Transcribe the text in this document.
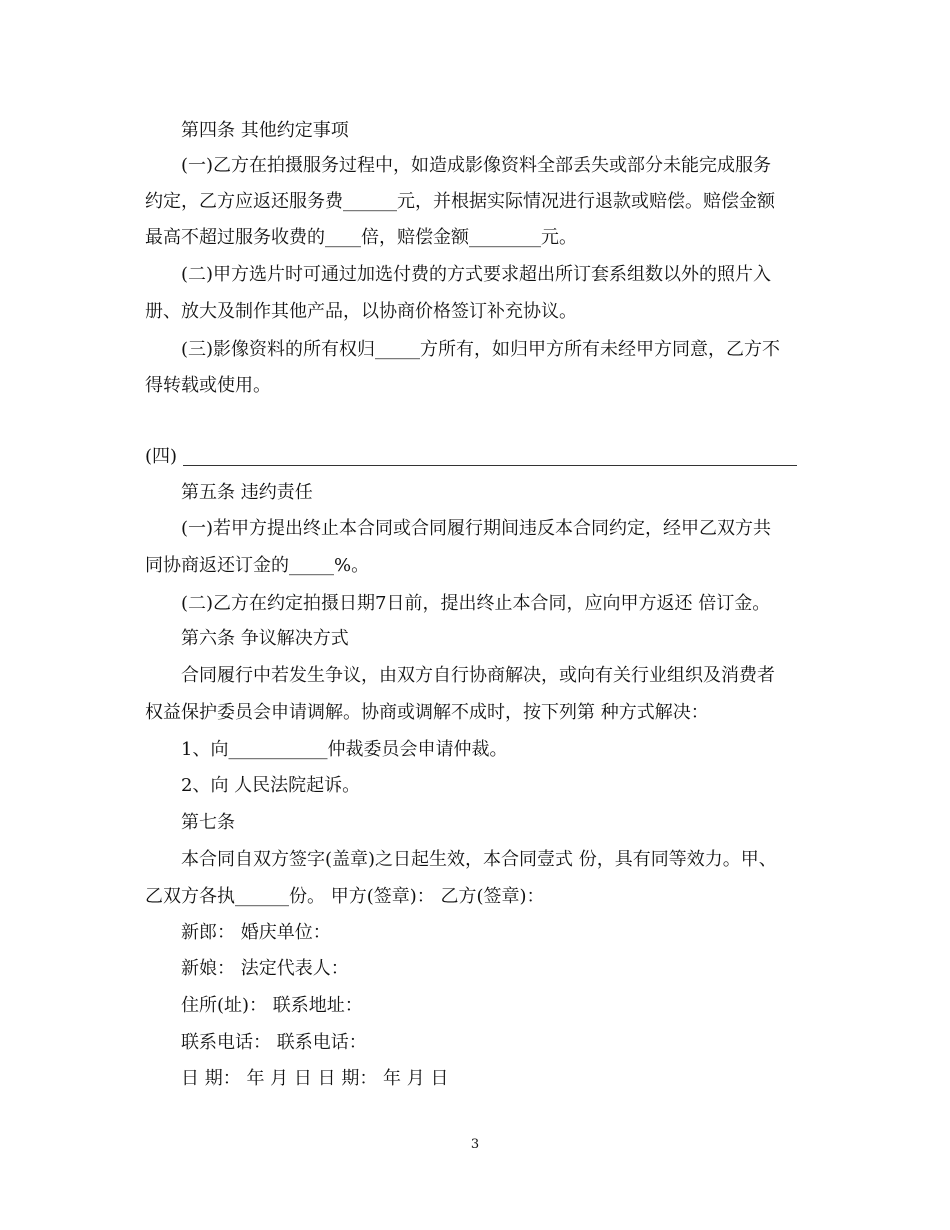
第四条 其他约定事项
(一)乙方在拍摄服务过程中，如造成影像资料全部丢失或部分未能完成服务
约定，乙方应返还服务费______元，并根据实际情况进行退款或赔偿。赔偿金额
最高不超过服务收费的____倍，赔偿金额________元。
(二)甲方选片时可通过加选付费的方式要求超出所订套系组数以外的照片入
册、放大及制作其他产品，以协商价格签订补充协议。
(三)影像资料的所有权归_____方所有，如归甲方所有未经甲方同意，乙方不
得转载或使用。
(四)
第五条 违约责任
(一)若甲方提出终止本合同或合同履行期间违反本合同约定，经甲乙双方共
同协商返还订金的_____%。
(二)乙方在约定拍摄日期7日前，提出终止本合同，应向甲方返还 倍订金。
第六条 争议解决方式
合同履行中若发生争议，由双方自行协商解决，或向有关行业组织及消费者
权益保护委员会申请调解。协商或调解不成时，按下列第 种方式解决：
1、向___________仲裁委员会申请仲裁。
2、向 人民法院起诉。
第七条
本合同自双方签字(盖章)之日起生效，本合同壹式 份，具有同等效力。甲、
乙双方各执______份。 甲方(签章)： 乙方(签章)：
新郎： 婚庆单位：
新娘： 法定代表人：
住所(址)： 联系地址：
联系电话： 联系电话：
日 期： 年 月 日 日 期： 年 月 日
3
